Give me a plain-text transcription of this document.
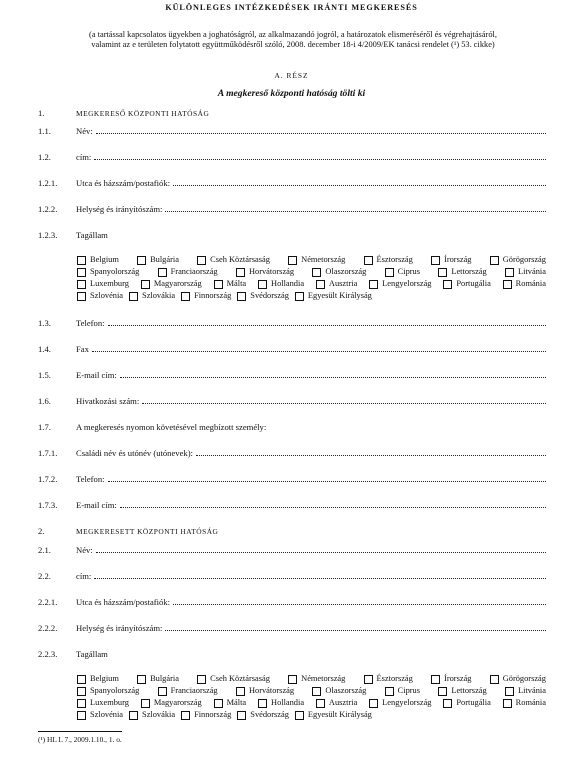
KÜLÖNLEGES INTÉZKEDÉSEK IRÁNTI MEGKERESÉS
(a tartással kapcsolatos ügyekben a joghatóságról, az alkalmazandó jogról, a határozatok elismeréséről és végrehajtásáról,
valamint az e területen folytatott együttműködésről szóló, 2008. december 18-i 4/2009/EK tanácsi rendelet (¹) 53. cikke)
A. RÉSZ
A megkereső központi hatóság tölti ki
1.	MEGKERESŐ KÖZPONTI HATÓSÁG
1.1.	Név:
1.2.	cím:
1.2.1.	Utca és házszám/postafiók:
1.2.2.	Helység és irányítószám:
1.2.3.	Tagállam
Belgium	Bulgária	Cseh Köztársaság	Németország	Észtország	Írország	Görögország
Spanyolország	Franciaország	Horvátország	Olaszország	Ciprus	Lettország	Litvánia
Luxemburg	Magyarország	Málta	Hollandia	Ausztria	Lengyelország	Portugália	Románia
Szlovénia Szlovákia Finnország Svédország Egyesült Királyság
1.3.	Telefon:
1.4.	Fax
1.5.	E-mail cím:
1.6.	Hivatkozási szám:
1.7.	A megkeresés nyomon követésével megbízott személy:
1.7.1.	Családi név és utónév (utónevek):
1.7.2.	Telefon:
1.7.3.	E-mail cím:
2.	MEGKERESETT KÖZPONTI HATÓSÁG
2.1.	Név:
2.2.	cím:
2.2.1.	Utca és házszám/postafiók:
2.2.2.	Helység és irányítószám:
2.2.3.	Tagállam
Belgium	Bulgária	Cseh Köztársaság	Németország	Észtország	Írország	Görögország
Spanyolország	Franciaország	Horvátország	Olaszország	Ciprus	Lettország	Litvánia
Luxemburg	Magyarország	Málta	Hollandia	Ausztria	Lengyelország	Portugália	Románia
Szlovénia Szlovákia Finnország Svédország Egyesült Királyság
(¹) HL L 7., 2009.1.10., 1. o.
